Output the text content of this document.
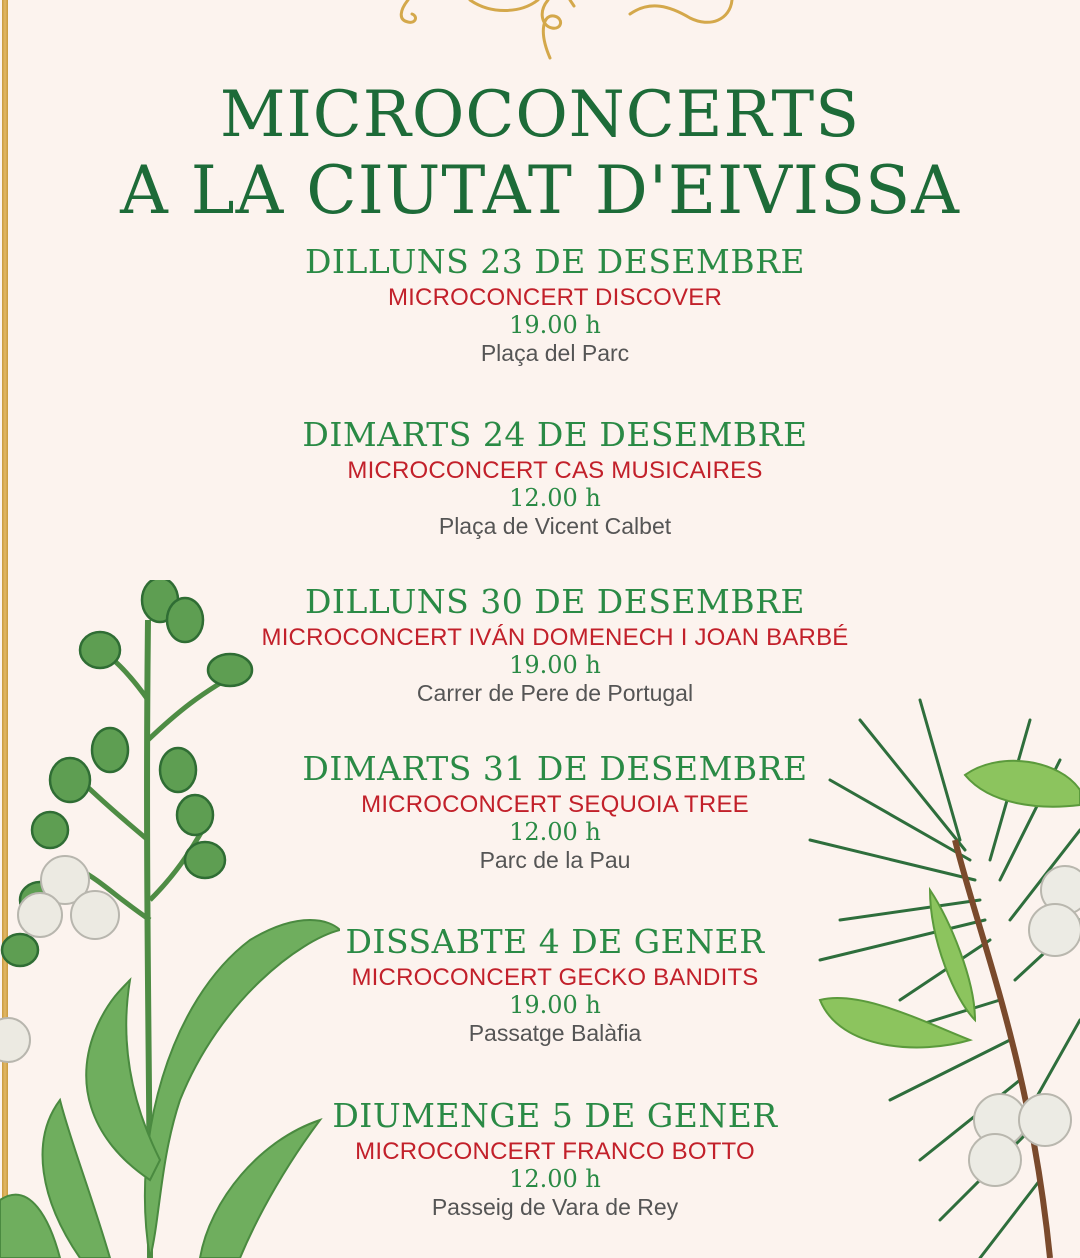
MICROCONCERTS
A LA CIUTAT D'EIVISSA
DILLUNS 23 DE DESEMBRE
MICROCONCERT DISCOVER
19.00 h
Plaça del Parc
DIMARTS 24 DE DESEMBRE
MICROCONCERT CAS MUSICAIRES
12.00 h
Plaça de Vicent Calbet
DILLUNS 30 DE DESEMBRE
MICROCONCERT IVÁN DOMENECH I JOAN BARBÉ
19.00 h
Carrer de Pere de Portugal
DIMARTS 31 DE DESEMBRE
MICROCONCERT SEQUOIA TREE
12.00 h
Parc de la Pau
DISSABTE 4 DE GENER
MICROCONCERT GECKO BANDITS
19.00 h
Passatge Balàfia
DIUMENGE 5 DE GENER
MICROCONCERT FRANCO BOTTO
12.00 h
Passeig de Vara de Rey
